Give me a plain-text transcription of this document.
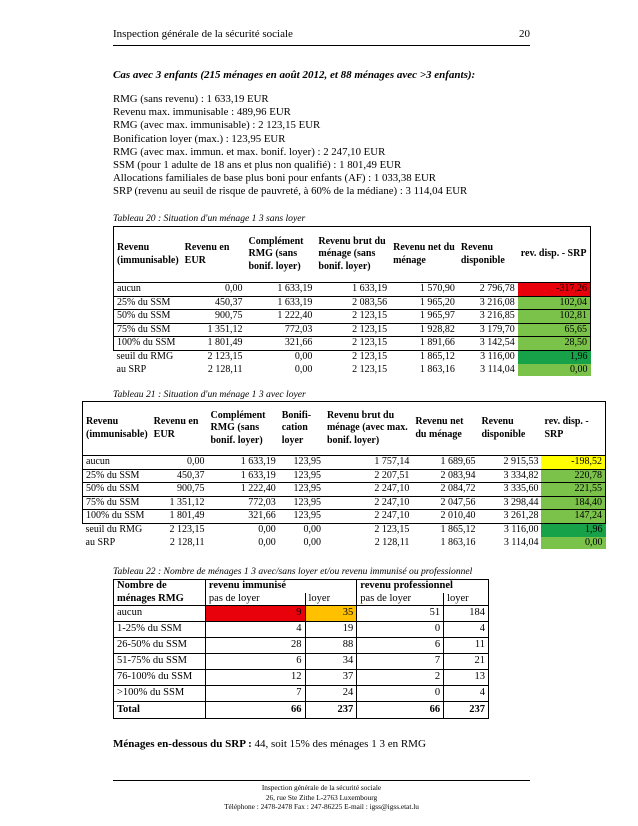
Inspection générale de la sécurité sociale	20
Cas avec 3 enfants (215 ménages en août 2012, et 88 ménages avec >3 enfants):
RMG (sans revenu) : 1 633,19 EUR
Revenu max. immunisable : 489,96 EUR
RMG (avec max. immunisable) : 2 123,15 EUR
Bonification loyer (max.) : 123,95 EUR
RMG (avec max. immun. et max. bonif. loyer) : 2 247,10 EUR
SSM (pour 1 adulte de 18 ans et plus non qualifié) : 1 801,49 EUR
Allocations familiales de base plus boni pour enfants (AF) : 1 033,38 EUR
SRP (revenu au seuil de risque de pauvreté, à 60% de la médiane) : 3 114,04 EUR
Tableau 20 : Situation d'un ménage 1 3 sans loyer
Revenu (immunisable)	Revenu en EUR	Complément RMG (sans bonif. loyer)	Revenu brut du ménage (sans bonif. loyer)	Revenu net du ménage	Revenu disponible	rev. disp. - SRP
aucun	0,00	1 633,19	1 633,19	1 570,90	2 796,78	-317,26
25% du SSM	450,37	1 633,19	2 083,56	1 965,20	3 216,08	102,04
50% du SSM	900,75	1 222,40	2 123,15	1 965,97	3 216,85	102,81
75% du SSM	1 351,12	772,03	2 123,15	1 928,82	3 179,70	65,65
100% du SSM	1 801,49	321,66	2 123,15	1 891,66	3 142,54	28,50
seuil du RMG	2 123,15	0,00	2 123,15	1 865,12	3 116,00	1,96
au SRP	2 128,11	0,00	2 123,15	1 863,16	3 114,04	0,00
Tableau 21 : Situation d'un ménage 1 3 avec loyer
Revenu (immunisable)	Revenu en EUR	Complément RMG (sans bonif. loyer)	Bonifi-cation loyer	Revenu brut du ménage (avec max. bonif. loyer)	Revenu net du ménage	Revenu disponible	rev. disp. - SRP
aucun	0,00	1 633,19	123,95	1 757,14	1 689,65	2 915,53	-198,52
25% du SSM	450,37	1 633,19	123,95	2 207,51	2 083,94	3 334,82	220,78
50% du SSM	900,75	1 222,40	123,95	2 247,10	2 084,72	3 335,60	221,55
75% du SSM	1 351,12	772,03	123,95	2 247,10	2 047,56	3 298,44	184,40
100% du SSM	1 801,49	321,66	123,95	2 247,10	2 010,40	3 261,28	147,24
seuil du RMG	2 123,15	0,00	0,00	2 123,15	1 865,12	3 116,00	1,96
au SRP	2 128,11	0,00	0,00	2 128,11	1 863,16	3 114,04	0,00
Tableau 22 : Nombre de ménages 1 3 avec/sans loyer et/ou revenu immunisé ou professionnel
Nombre de	revenu immunisé		revenu professionnel	
ménages RMG	pas de loyer	loyer	pas de loyer	loyer
aucun	9	35	51	184
1-25% du SSM	4	19	0	4
26-50% du SSM	28	88	6	11
51-75% du SSM	6	34	7	21
76-100% du SSM	12	37	2	13
>100% du SSM	7	24	0	4
Total	66	237	66	237
Ménages en-dessous du SRP : 44, soit 15% des ménages 1 3 en RMG
Inspection générale de la sécurité sociale
26, rue Ste Zithe L-2763 Luxembourg
Téléphone : 2478-2478 Fax : 247-86225 E-mail : igss@igss.etat.lu
